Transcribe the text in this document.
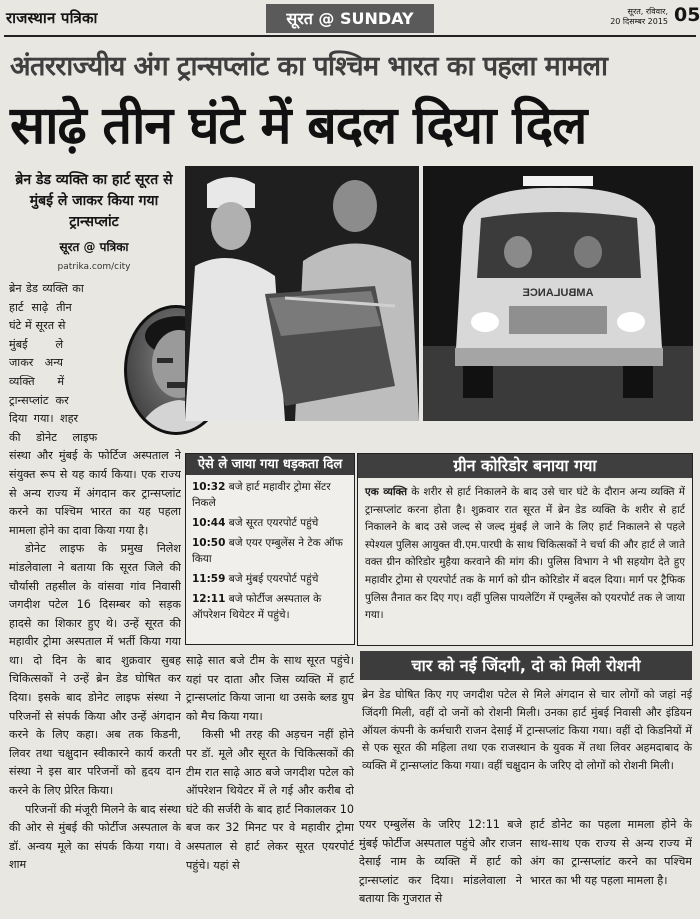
राजस्थान पत्रिका	सूरत @ SUNDAY	सूरत, रविवार,
20 दिसम्बर 2015 05
अंतरराज्यीय अंग ट्रान्सप्लांट का पश्चिम भारत का पहला मामला
साढ़े तीन घंटे में बदल दिया दिल
ब्रेन डेड व्यक्ति का हार्ट सूरत से मुंबई ले जाकर किया गया ट्रान्सप्लांट
सूरत @ पत्रिका
patrika.com/city

ब्रेन डेड व्यक्ति का हार्ट साढ़े तीन घंटे में सूरत से मुंबई ले जाकर अन्य व्यक्ति में ट्रान्सप्लांट कर दिया गया। शहर की डोनेट लाइफ संस्था और मुंबई के फोर्टिज अस्पताल ने संयुक्त रूप से यह कार्य किया। एक राज्य से अन्य राज्य में अंगदान कर ट्रान्सप्लांट करने का पश्चिम भारत का यह पहला मामला होने का दावा किया गया है।

डोनेट लाइफ के प्रमुख निलेश मांडलेवाला ने बताया कि सूरत जिले की चौर्यासी तहसील के वांसवा गांव निवासी जगदीश पटेल 16 दिसम्बर को सड़क हादसे का शिकार हुए थे। उन्हें सूरत की महावीर ट्रोमा अस्पताल में भर्ती किया गया था। दो दिन के बाद शुक्रवार सुबह चिकित्सकों ने उन्हें ब्रेन डेड घोषित कर दिया। इसके बाद डोनेट लाइफ संस्था ने परिजनों से संपर्क किया और उन्हें अंगदान करने के लिए कहा। अब तक किडनी, लिवर तथा चक्षुदान स्वीकारने कार्य करती संस्था ने इस बार परिजनों को हृदय दान करने के लिए प्रेरित किया।

परिजनों की मंजूरी मिलने के बाद संस्था की ओर से मुंबई की फोर्टीज अस्पताल के डॉ. अन्वय मूले का संपर्क किया गया। वे शाम

AMBULANCE
ऐसे ले जाया गया धड़कता दिल
10:32 बजे हार्ट महावीर ट्रोमा सेंटर निकले
10:44 बजे सूरत एयरपोर्ट पहुंचे
10:50 बजे एयर एम्बुलेंस ने टेक ऑफ किया
11:59 बजे मुंबई एयरपोर्ट पहुंचे
12:11 बजे फोर्टीज अस्पताल के ऑपरेशन थियेटर में पहुंचे।
ग्रीन कोरिडोर बनाया गया
एक व्यक्ति के शरीर से हार्ट निकालने के बाद उसे चार घंटे के दौरान अन्य व्यक्ति में ट्रान्सप्लांट करना होता है। शुक्रवार रात सूरत में ब्रेन डेड व्यक्ति के शरीर से हार्ट निकालने के बाद उसे जल्द से जल्द मुंबई ले जाने के लिए हार्ट निकालने से पहले स्पेश्यल पुलिस आयुक्त वी.एम.पारघी के साथ चिकित्सकों ने चर्चा की और हार्ट ले जाते वक्त ग्रीन कोरिडोर मुहैया करवाने की मांग की। पुलिस विभाग ने भी सहयोग देते हुए महावीर ट्रोमा से एयरपोर्ट तक के मार्ग को ग्रीन कोरिडोर में बदल दिया। मार्ग पर ट्रैफिक पुलिस तैनात कर दिए गए। वहीं पुलिस पायलेटिंग में एम्बुलेंस को एयरपोर्ट तक ले जाया गया।
चार को नई जिंदगी, दो को मिली रोशनी
ब्रेन डेड घोषित किए गए जगदीश पटेल से मिले अंगदान से चार लोगों को जहां नई जिंदगी मिली, वहीं दो जनों को रोशनी मिली। उनका हार्ट मुंबई निवासी और इंडियन ऑयल कंपनी के कर्मचारी राजन देसाई में ट्रान्सप्लांट किया गया। वहीं दो किडनियों में से एक सूरत की महिला तथा एक राजस्थान के युवक में तथा लिवर अहमदाबाद के व्यक्ति में ट्रान्सप्लांट किया गया। वहीं चक्षुदान के जरिए दो लोगों को रोशनी मिली।

साढ़े सात बजे टीम के साथ सूरत पहुंचे। यहां पर दाता और जिस व्यक्ति में हार्ट ट्रान्सप्लांट किया जाना था उसके ब्लड ग्रुप को मैच किया गया।

किसी भी तरह की अड़चन नहीं होने पर डॉ. मूले और सूरत के चिकित्सकों की टीम रात साढ़े आठ बजे जगदीश पटेल को ऑपरेशन थियेटर में ले गई और करीब दो घंटे की सर्जरी के बाद हार्ट निकालकर 10 बज कर 32 मिनट पर वे महावीर ट्रोमा अस्पताल से हार्ट लेकर सूरत एयरपोर्ट पहुंचे। यहां से

एयर एम्बुलेंस के जरिए 12:11 बजे मुंबई फोर्टीज अस्पताल पहुंचे और राजन देसाई नाम के व्यक्ति में हार्ट को ट्रान्सप्लांट कर दिया। मांडलेवाला ने बताया कि गुजरात से
हार्ट डोनेट का पहला मामला होने के साथ-साथ एक राज्य से अन्य राज्य में अंग का ट्रान्सप्लांट करने का पश्चिम भारत का भी यह पहला मामला है।
